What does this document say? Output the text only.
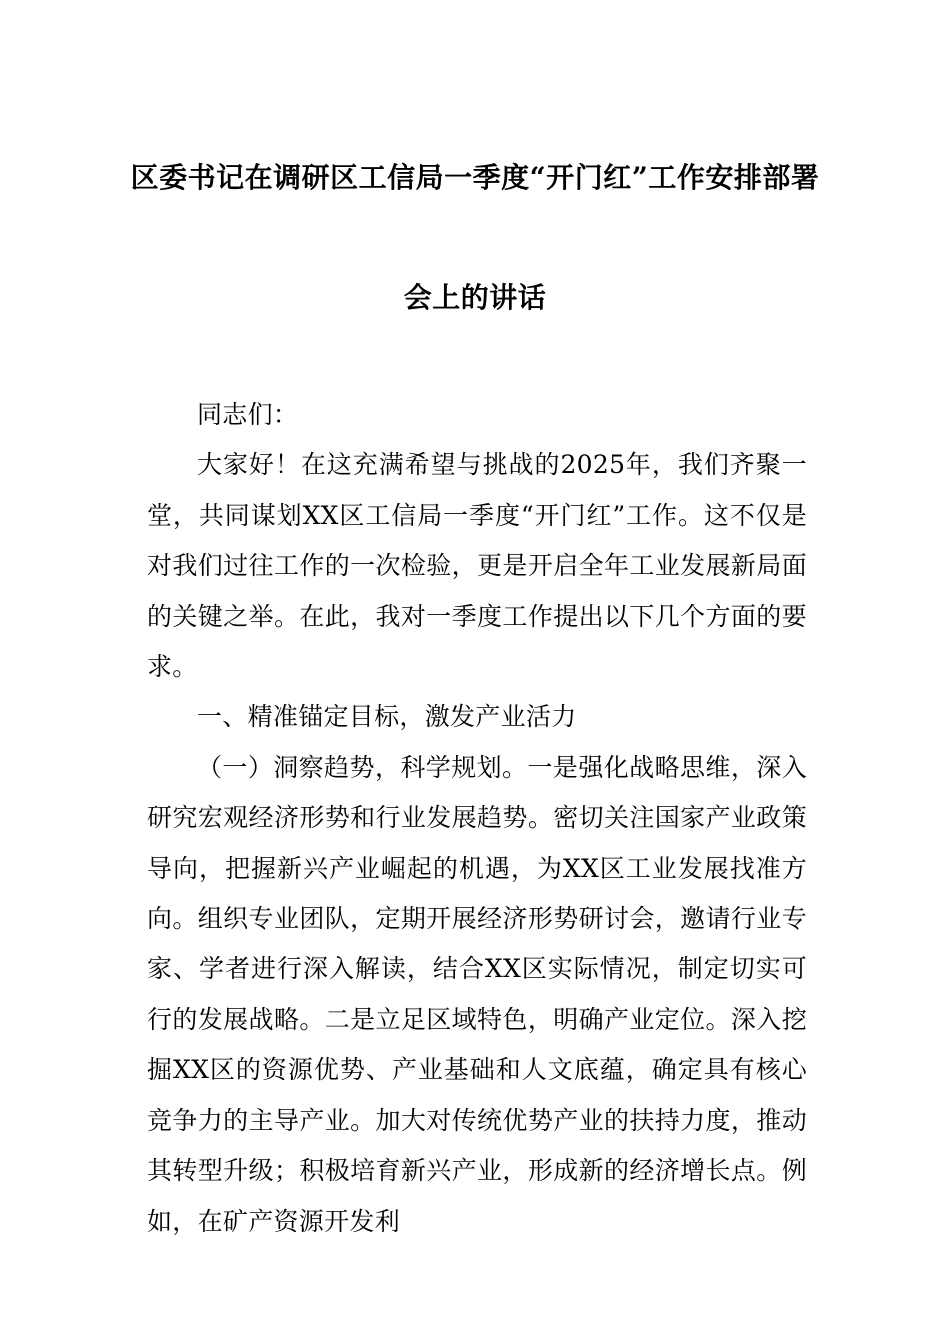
区委书记在调研区工信局一季度“开门红”工作安排部署
会上的讲话

同志们：

大家好！在这充满希望与挑战的2025年，我们齐聚一堂，共同谋划XX区工信局一季度“开门红”工作。这不仅是对我们过往工作的一次检验，更是开启全年工业发展新局面的关键之举。在此，我对一季度工作提出以下几个方面的要求。

一、精准锚定目标，激发产业活力

（一）洞察趋势，科学规划。一是强化战略思维，深入研究宏观经济形势和行业发展趋势。密切关注国家产业政策导向，把握新兴产业崛起的机遇，为XX区工业发展找准方向。组织专业团队，定期开展经济形势研讨会，邀请行业专家、学者进行深入解读，结合XX区实际情况，制定切实可行的发展战略。二是立足区域特色，明确产业定位。深入挖掘XX区的资源优势、产业基础和人文底蕴，确定具有核心竞争力的主导产业。加大对传统优势产业的扶持力度，推动其转型升级；积极培育新兴产业，形成新的经济增长点。例如，在矿产资源开发利
